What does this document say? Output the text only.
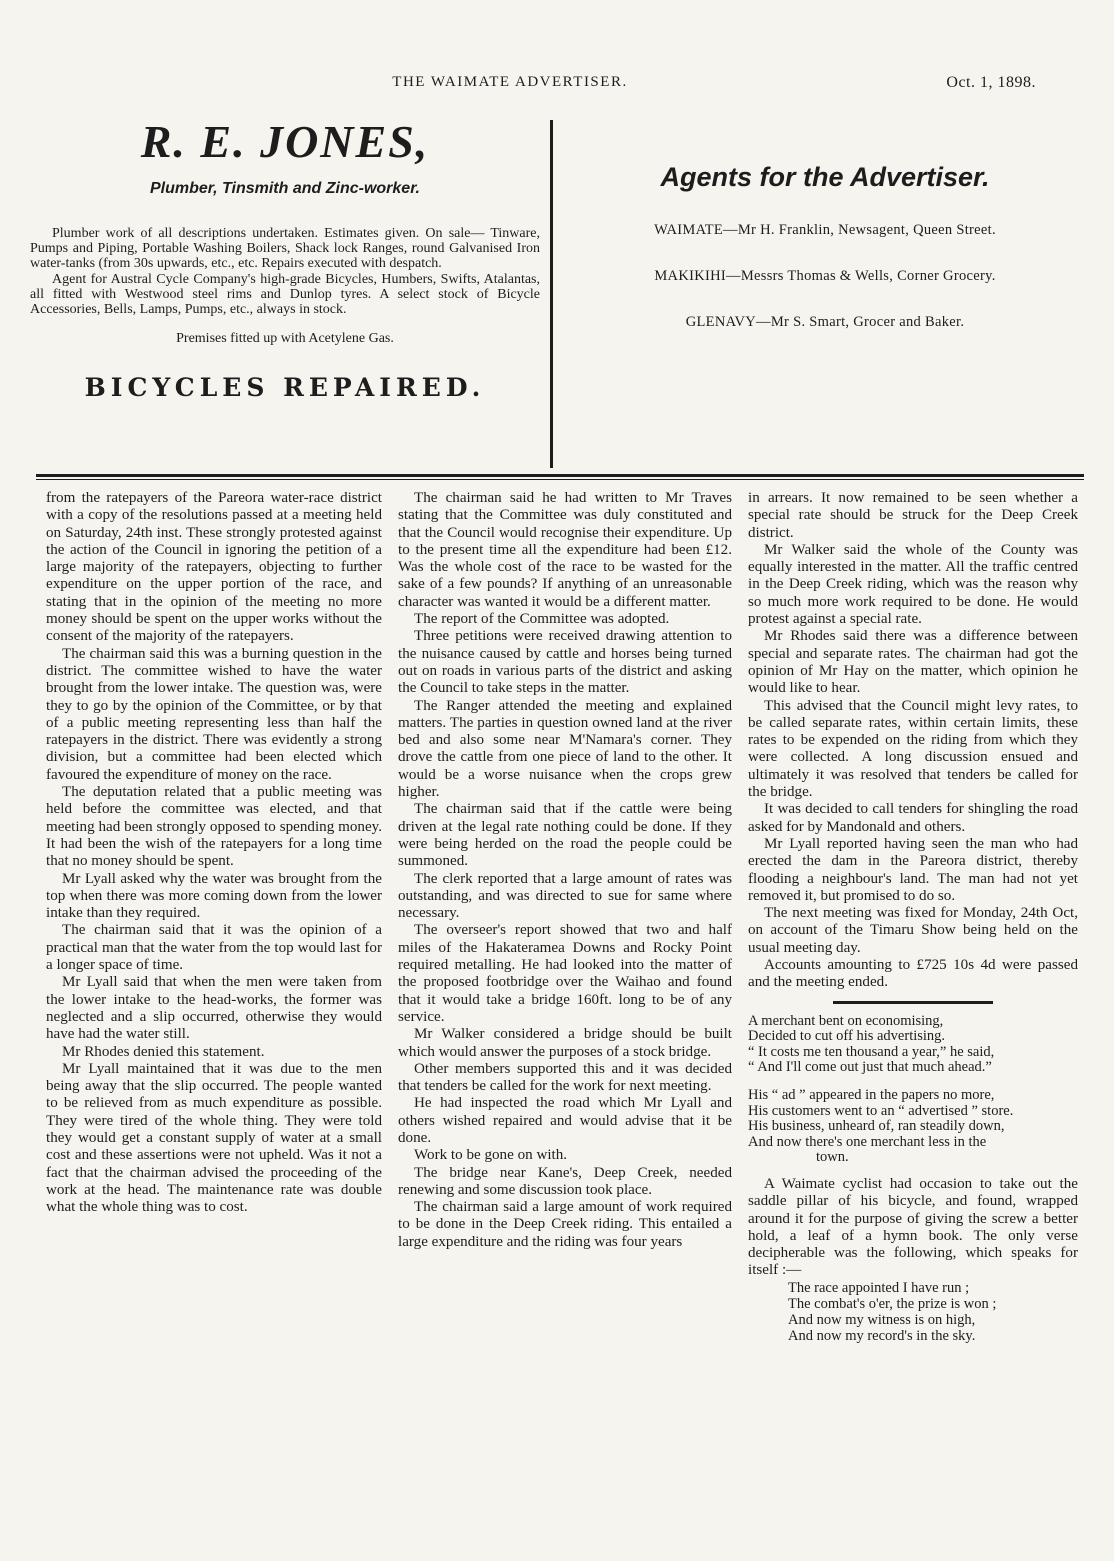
THE WAIMATE ADVERTISER.	Oct. 1, 1898.
R. E. JONES,
Plumber, Tinsmith and Zinc-worker.

Plumber work of all descriptions undertaken. Estimates given. On sale— Tinware, Pumps and Piping, Portable Washing Boilers, Shack lock Ranges, round Galvanised Iron water-tanks (from 30s upwards, etc., etc. Repairs executed with despatch.

Agent for Austral Cycle Company's high-grade Bicycles, Humbers, Swifts, Atalantas, all fitted with Westwood steel rims and Dunlop tyres. A select stock of Bicycle Accessories, Bells, Lamps, Pumps, etc., always in stock.

Premises fitted up with Acetylene Gas.
BICYCLES REPAIRED.
Agents for the Advertiser.
WAIMATE—Mr H. Franklin, Newsagent, Queen Street.
MAKIKIHI—Messrs Thomas & Wells, Corner Grocery.
GLENAVY—Mr S. Smart, Grocer and Baker.

from the ratepayers of the Pareora water-race district with a copy of the resolutions passed at a meeting held on Saturday, 24th inst. These strongly protested against the action of the Council in ignoring the petition of a large majority of the ratepayers, objecting to further expenditure on the upper portion of the race, and stating that in the opinion of the meeting no more money should be spent on the upper works without the consent of the majority of the ratepayers.

The chairman said this was a burning question in the district. The committee wished to have the water brought from the lower intake. The question was, were they to go by the opinion of the Committee, or by that of a public meeting representing less than half the ratepayers in the district. There was evidently a strong division, but a committee had been elected which favoured the expenditure of money on the race.

The deputation related that a public meeting was held before the committee was elected, and that meeting had been strongly opposed to spending money. It had been the wish of the ratepayers for a long time that no money should be spent.

Mr Lyall asked why the water was brought from the top when there was more coming down from the lower intake than they required.

The chairman said that it was the opinion of a practical man that the water from the top would last for a longer space of time.

Mr Lyall said that when the men were taken from the lower intake to the head-works, the former was neglected and a slip occurred, otherwise they would have had the water still.

Mr Rhodes denied this statement.

Mr Lyall maintained that it was due to the men being away that the slip occurred. The people wanted to be relieved from as much expenditure as possible. They were tired of the whole thing. They were told they would get a constant supply of water at a small cost and these assertions were not upheld. Was it not a fact that the chairman advised the proceeding of the work at the head. The maintenance rate was double what the whole thing was to cost.

The chairman said he had written to Mr Traves stating that the Committee was duly constituted and that the Council would recognise their expenditure. Up to the present time all the expenditure had been £12. Was the whole cost of the race to be wasted for the sake of a few pounds? If anything of an unreasonable character was wanted it would be a different matter.

The report of the Committee was adopted.

Three petitions were received drawing attention to the nuisance caused by cattle and horses being turned out on roads in various parts of the district and asking the Council to take steps in the matter.

The Ranger attended the meeting and explained matters. The parties in question owned land at the river bed and also some near M'Namara's corner. They drove the cattle from one piece of land to the other. It would be a worse nuisance when the crops grew higher.

The chairman said that if the cattle were being driven at the legal rate nothing could be done. If they were being herded on the road the people could be summoned.

The clerk reported that a large amount of rates was outstanding, and was directed to sue for same where necessary.

The overseer's report showed that two and half miles of the Hakateramea Downs and Rocky Point required metalling. He had looked into the matter of the proposed footbridge over the Waihao and found that it would take a bridge 160ft. long to be of any service.

Mr Walker considered a bridge should be built which would answer the purposes of a stock bridge.

Other members supported this and it was decided that tenders be called for the work for next meeting.

He had inspected the road which Mr Lyall and others wished repaired and would advise that it be done.

Work to be gone on with.

The bridge near Kane's, Deep Creek, needed renewing and some discussion took place.

The chairman said a large amount of work required to be done in the Deep Creek riding. This entailed a large expenditure and the riding was four years

in arrears. It now remained to be seen whether a special rate should be struck for the Deep Creek district.

Mr Walker said the whole of the County was equally interested in the matter. All the traffic centred in the Deep Creek riding, which was the reason why so much more work required to be done. He would protest against a special rate.

Mr Rhodes said there was a difference between special and separate rates. The chairman had got the opinion of Mr Hay on the matter, which opinion he would like to hear.

This advised that the Council might levy rates, to be called separate rates, within certain limits, these rates to be expended on the riding from which they were collected. A long discussion ensued and ultimately it was resolved that tenders be called for the bridge.

It was decided to call tenders for shingling the road asked for by Mandonald and others.

Mr Lyall reported having seen the man who had erected the dam in the Pareora district, thereby flooding a neighbour's land. The man had not yet removed it, but promised to do so.

The next meeting was fixed for Monday, 24th Oct, on account of the Timaru Show being held on the usual meeting day.

Accounts amounting to £725 10s 4d were passed and the meeting ended.

A merchant bent on economising,
Decided to cut off his advertising.
“ It costs me ten thousand a year,” he said,
“ And I'll come out just that much ahead.”
His “ ad ” appeared in the papers no more,
His customers went to an “ advertised ” store.
His business, unheard of, ran steadily down,
And now there's one merchant less in the
town.

A Waimate cyclist had occasion to take out the saddle pillar of his bicycle, and found, wrapped around it for the purpose of giving the screw a better hold, a leaf of a hymn book. The only verse decipherable was the following, which speaks for itself :—

The race appointed I have run ;
The combat's o'er, the prize is won ;
And now my witness is on high,
And now my record's in the sky.
